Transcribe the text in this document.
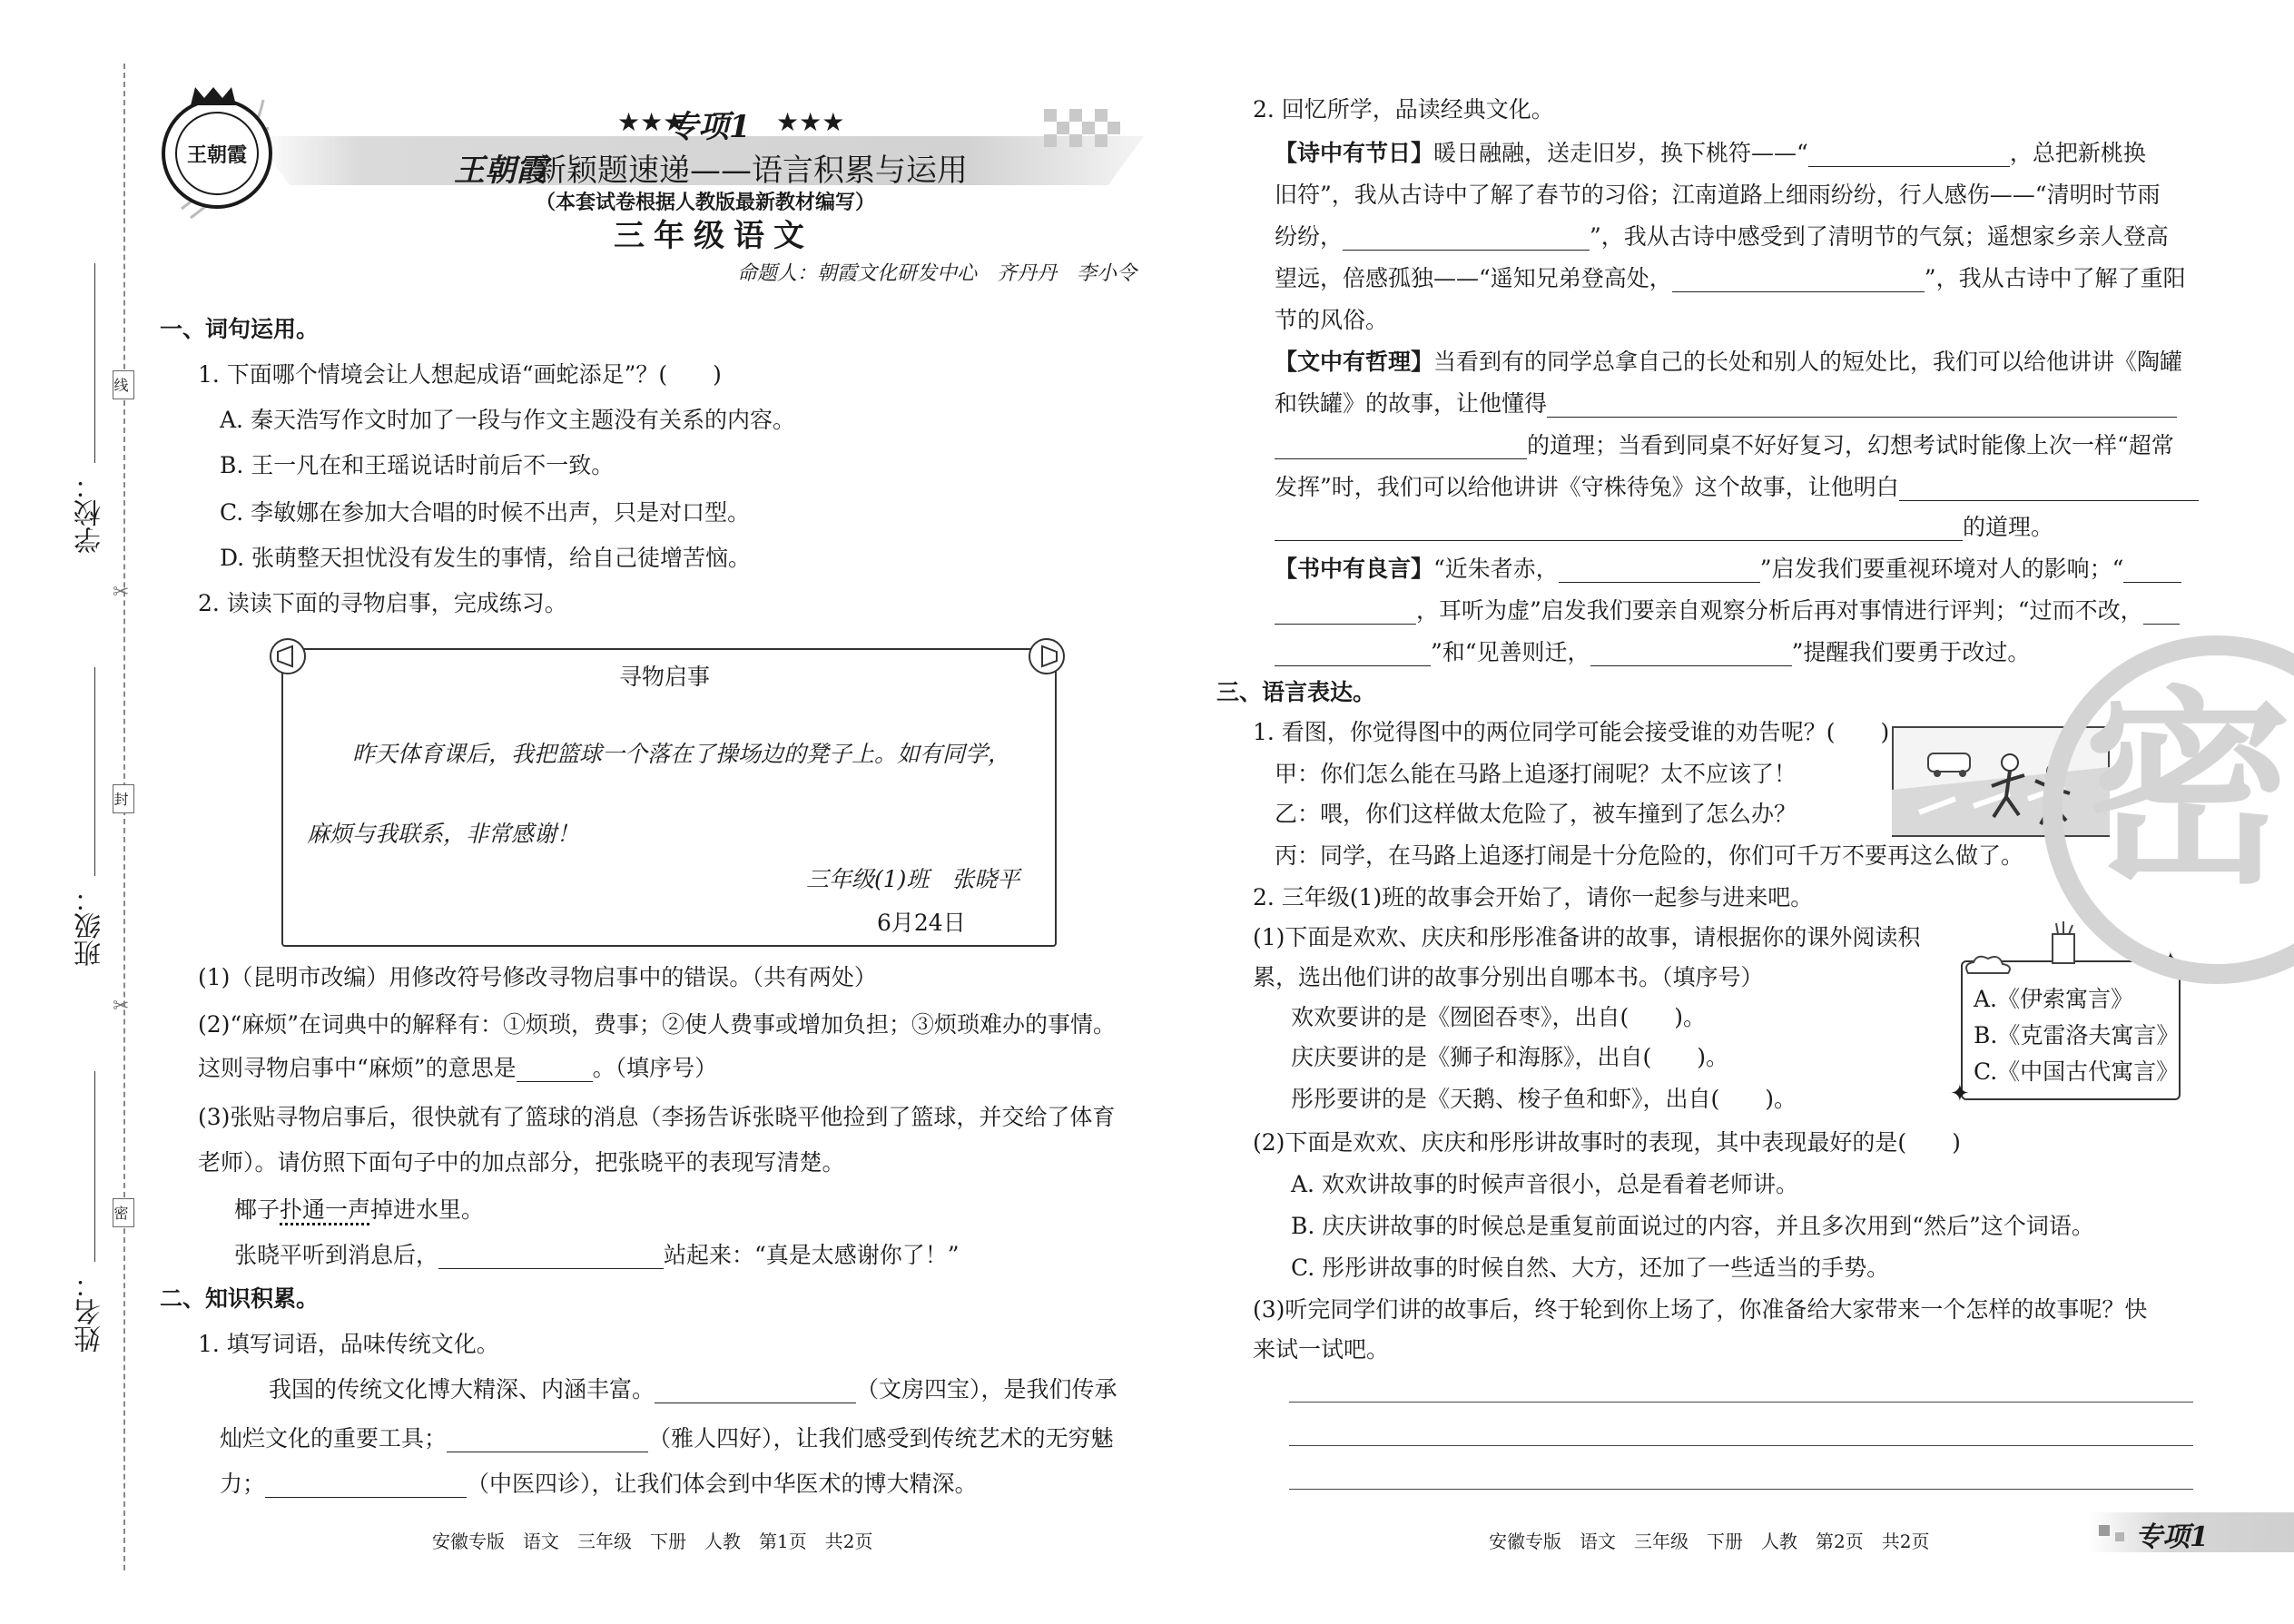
线
封
密
✂
✂
学校：
班级：
姓名：
王朝霞
★★★
专项1 ★★★
王朝霞
新颖题速递——语言积累与运用
（本套试卷根据人教版最新教材编写）
三年级语文
命题人：朝霞文化研发中心　齐丹丹　李小令
一、词句运用。
1. 下面哪个情境会让人想起成语“画蛇添足”？(　　)
A. 秦天浩写作文时加了一段与作文主题没有关系的内容。
B. 王一凡在和王瑶说话时前后不一致。
C. 李敏娜在参加大合唱的时候不出声，只是对口型。
D. 张萌整天担忧没有发生的事情，给自己徒增苦恼。
2. 读读下面的寻物启事，完成练习。
寻物启事
昨天体育课后，我把篮球一个落在了操场边的凳子上。如有同学，
麻烦与我联系，非常感谢！
三年级(1)班　张晓平
6月24日
(1)（昆明市改编）用修改符号修改寻物启事中的错误。（共有两处）
(2)“麻烦”在词典中的解释有：①烦琐，费事；②使人费事或增加负担；③烦琐难办的事情。
这则寻物启事中“麻烦”的意思是	。（填序号）
(3)张贴寻物启事后，很快就有了篮球的消息（李扬告诉张晓平他捡到了篮球，并交给了体育
老师）。请仿照下面句子中的加点部分，把张晓平的表现写清楚。
椰子扑通一声掉进水里。
张晓平听到消息后，	站起来：“真是太感谢你了！”
二、知识积累。
1. 填写词语，品味传统文化。
我国的传统文化博大精深、内涵丰富。	（文房四宝），是我们传承
灿烂文化的重要工具；	（雅人四好），让我们感受到传统艺术的无穷魅
力；	（中医四诊），让我们体会到中华医术的博大精深。
安徽专版　语文　三年级　下册　人教　第1页　共2页
2. 回忆所学，品读经典文化。
【诗中有节日】暖日融融，送走旧岁，换下桃符——“	，总把新桃换
旧符”，我从古诗中了解了春节的习俗；江南道路上细雨纷纷，行人感伤——“清明时节雨
纷纷，	”，我从古诗中感受到了清明节的气氛；遥想家乡亲人登高
望远，倍感孤独——“遥知兄弟登高处，	”，我从古诗中了解了重阳
节的风俗。
【文中有哲理】当看到有的同学总拿自己的长处和别人的短处比，我们可以给他讲讲《陶罐
和铁罐》的故事，让他懂得
的道理；当看到同桌不好好复习，幻想考试时能像上次一样“超常
发挥”时，我们可以给他讲讲《守株待兔》这个故事，让他明白
的道理。
【书中有良言】“近朱者赤，	”启发我们要重视环境对人的影响；“
，耳听为虚”启发我们要亲自观察分析后再对事情进行评判；“过而不改，
”和“见善则迁，	”提醒我们要勇于改过。
三、语言表达。
1. 看图，你觉得图中的两位同学可能会接受谁的劝告呢？(　　)
甲：你们怎么能在马路上追逐打闹呢？太不应该了！
乙：喂，你们这样做太危险了，被车撞到了怎么办？
丙：同学，在马路上追逐打闹是十分危险的，你们可千万不要再这么做了。
2. 三年级(1)班的故事会开始了，请你一起参与进来吧。
(1)下面是欢欢、庆庆和彤彤准备讲的故事，请根据你的课外阅读积
累，选出他们讲的故事分别出自哪本书。（填序号）
欢欢要讲的是《囫囵吞枣》，出自(　　)。
庆庆要讲的是《狮子和海豚》，出自(　　)。
彤彤要讲的是《天鹅、梭子鱼和虾》，出自(　　)。
✦
✦
A.《伊索寓言》
B.《克雷洛夫寓言》
C.《中国古代寓言》
(2)下面是欢欢、庆庆和彤彤讲故事时的表现，其中表现最好的是(　　)
A. 欢欢讲故事的时候声音很小，总是看着老师讲。
B. 庆庆讲故事的时候总是重复前面说过的内容，并且多次用到“然后”这个词语。
C. 彤彤讲故事的时候自然、大方，还加了一些适当的手势。
(3)听完同学们讲的故事后，终于轮到你上场了，你准备给大家带来一个怎样的故事呢？快
来试一试吧。
密
安徽专版　语文　三年级　下册　人教　第2页　共2页	专项1
